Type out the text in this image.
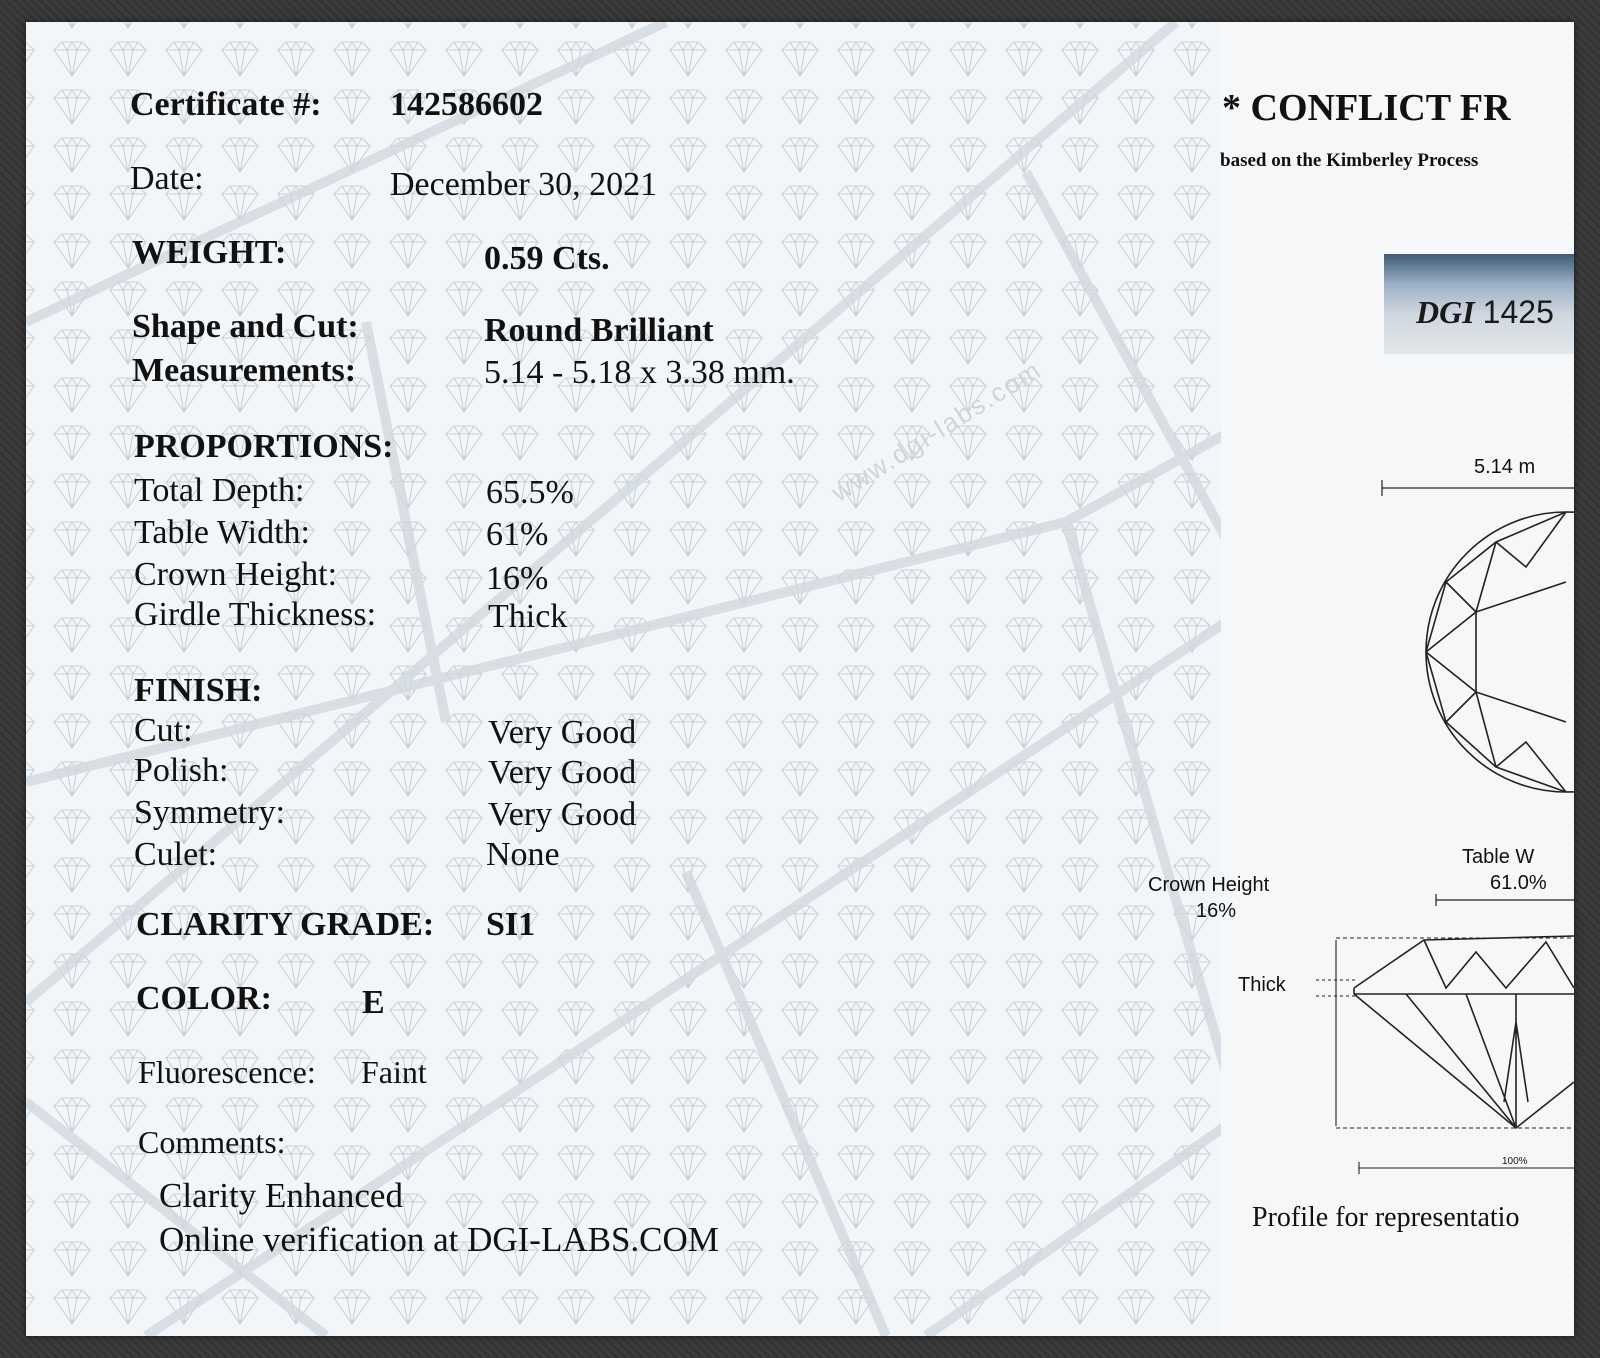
www.dgi-labs.com
Certificate #: 142586602
Date:	December 30, 2021
WEIGHT:	0.59 Cts.
Shape and Cut:	Round Brilliant
Measurements:	5.14 - 5.18 x 3.38 mm.
PROPORTIONS:
Total Depth:	65.5%
Table Width:	61%
Crown Height:	16%
Girdle Thickness:	Thick
FINISH:
Cut:	Very Good
Polish:	Very Good
Symmetry:	Very Good
Culet:	None
CLARITY GRADE: SI1
COLOR:	E
Fluorescence: Faint
Comments:
Clarity Enhanced
Online verification at DGI-LABS.COM
* CONFLICT FR
based on the Kimberley Process
DGI 1425
5.14 m
Table W
61.0%
Crown Height
16%
Thick
100%
Profile for representatio
